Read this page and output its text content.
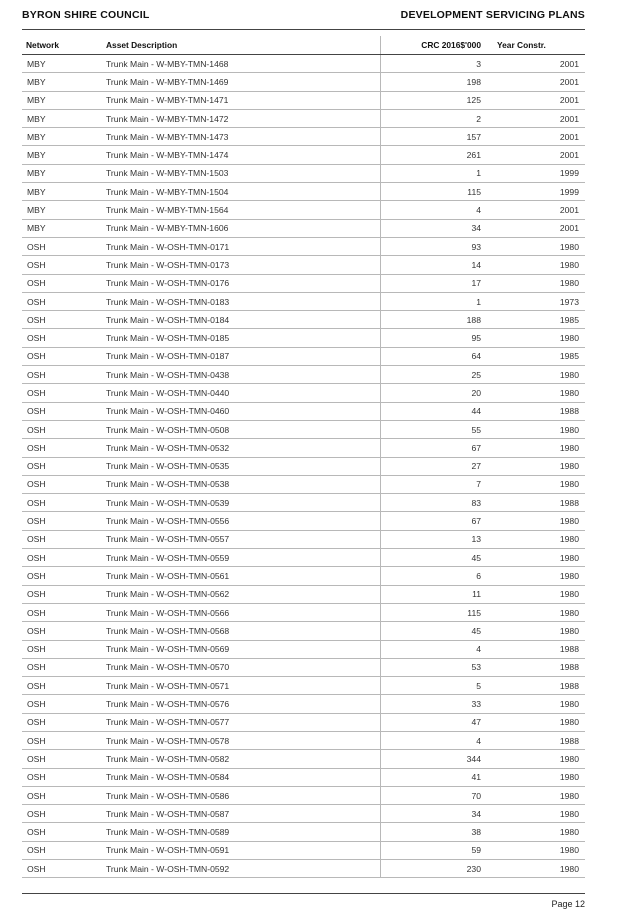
BYRON SHIRE COUNCIL	DEVELOPMENT SERVICING PLANS
Network	Asset Description	CRC 2016$'000	Year Constr.
MBY	Trunk Main - W-MBY-TMN-1468	3	2001
MBY	Trunk Main - W-MBY-TMN-1469	198	2001
MBY	Trunk Main - W-MBY-TMN-1471	125	2001
MBY	Trunk Main - W-MBY-TMN-1472	2	2001
MBY	Trunk Main - W-MBY-TMN-1473	157	2001
MBY	Trunk Main - W-MBY-TMN-1474	261	2001
MBY	Trunk Main - W-MBY-TMN-1503	1	1999
MBY	Trunk Main - W-MBY-TMN-1504	115	1999
MBY	Trunk Main - W-MBY-TMN-1564	4	2001
MBY	Trunk Main - W-MBY-TMN-1606	34	2001
OSH	Trunk Main - W-OSH-TMN-0171	93	1980
OSH	Trunk Main - W-OSH-TMN-0173	14	1980
OSH	Trunk Main - W-OSH-TMN-0176	17	1980
OSH	Trunk Main - W-OSH-TMN-0183	1	1973
OSH	Trunk Main - W-OSH-TMN-0184	188	1985
OSH	Trunk Main - W-OSH-TMN-0185	95	1980
OSH	Trunk Main - W-OSH-TMN-0187	64	1985
OSH	Trunk Main - W-OSH-TMN-0438	25	1980
OSH	Trunk Main - W-OSH-TMN-0440	20	1980
OSH	Trunk Main - W-OSH-TMN-0460	44	1988
OSH	Trunk Main - W-OSH-TMN-0508	55	1980
OSH	Trunk Main - W-OSH-TMN-0532	67	1980
OSH	Trunk Main - W-OSH-TMN-0535	27	1980
OSH	Trunk Main - W-OSH-TMN-0538	7	1980
OSH	Trunk Main - W-OSH-TMN-0539	83	1988
OSH	Trunk Main - W-OSH-TMN-0556	67	1980
OSH	Trunk Main - W-OSH-TMN-0557	13	1980
OSH	Trunk Main - W-OSH-TMN-0559	45	1980
OSH	Trunk Main - W-OSH-TMN-0561	6	1980
OSH	Trunk Main - W-OSH-TMN-0562	11	1980
OSH	Trunk Main - W-OSH-TMN-0566	115	1980
OSH	Trunk Main - W-OSH-TMN-0568	45	1980
OSH	Trunk Main - W-OSH-TMN-0569	4	1988
OSH	Trunk Main - W-OSH-TMN-0570	53	1988
OSH	Trunk Main - W-OSH-TMN-0571	5	1988
OSH	Trunk Main - W-OSH-TMN-0576	33	1980
OSH	Trunk Main - W-OSH-TMN-0577	47	1980
OSH	Trunk Main - W-OSH-TMN-0578	4	1988
OSH	Trunk Main - W-OSH-TMN-0582	344	1980
OSH	Trunk Main - W-OSH-TMN-0584	41	1980
OSH	Trunk Main - W-OSH-TMN-0586	70	1980
OSH	Trunk Main - W-OSH-TMN-0587	34	1980
OSH	Trunk Main - W-OSH-TMN-0589	38	1980
OSH	Trunk Main - W-OSH-TMN-0591	59	1980
OSH	Trunk Main - W-OSH-TMN-0592	230	1980
Page 12
